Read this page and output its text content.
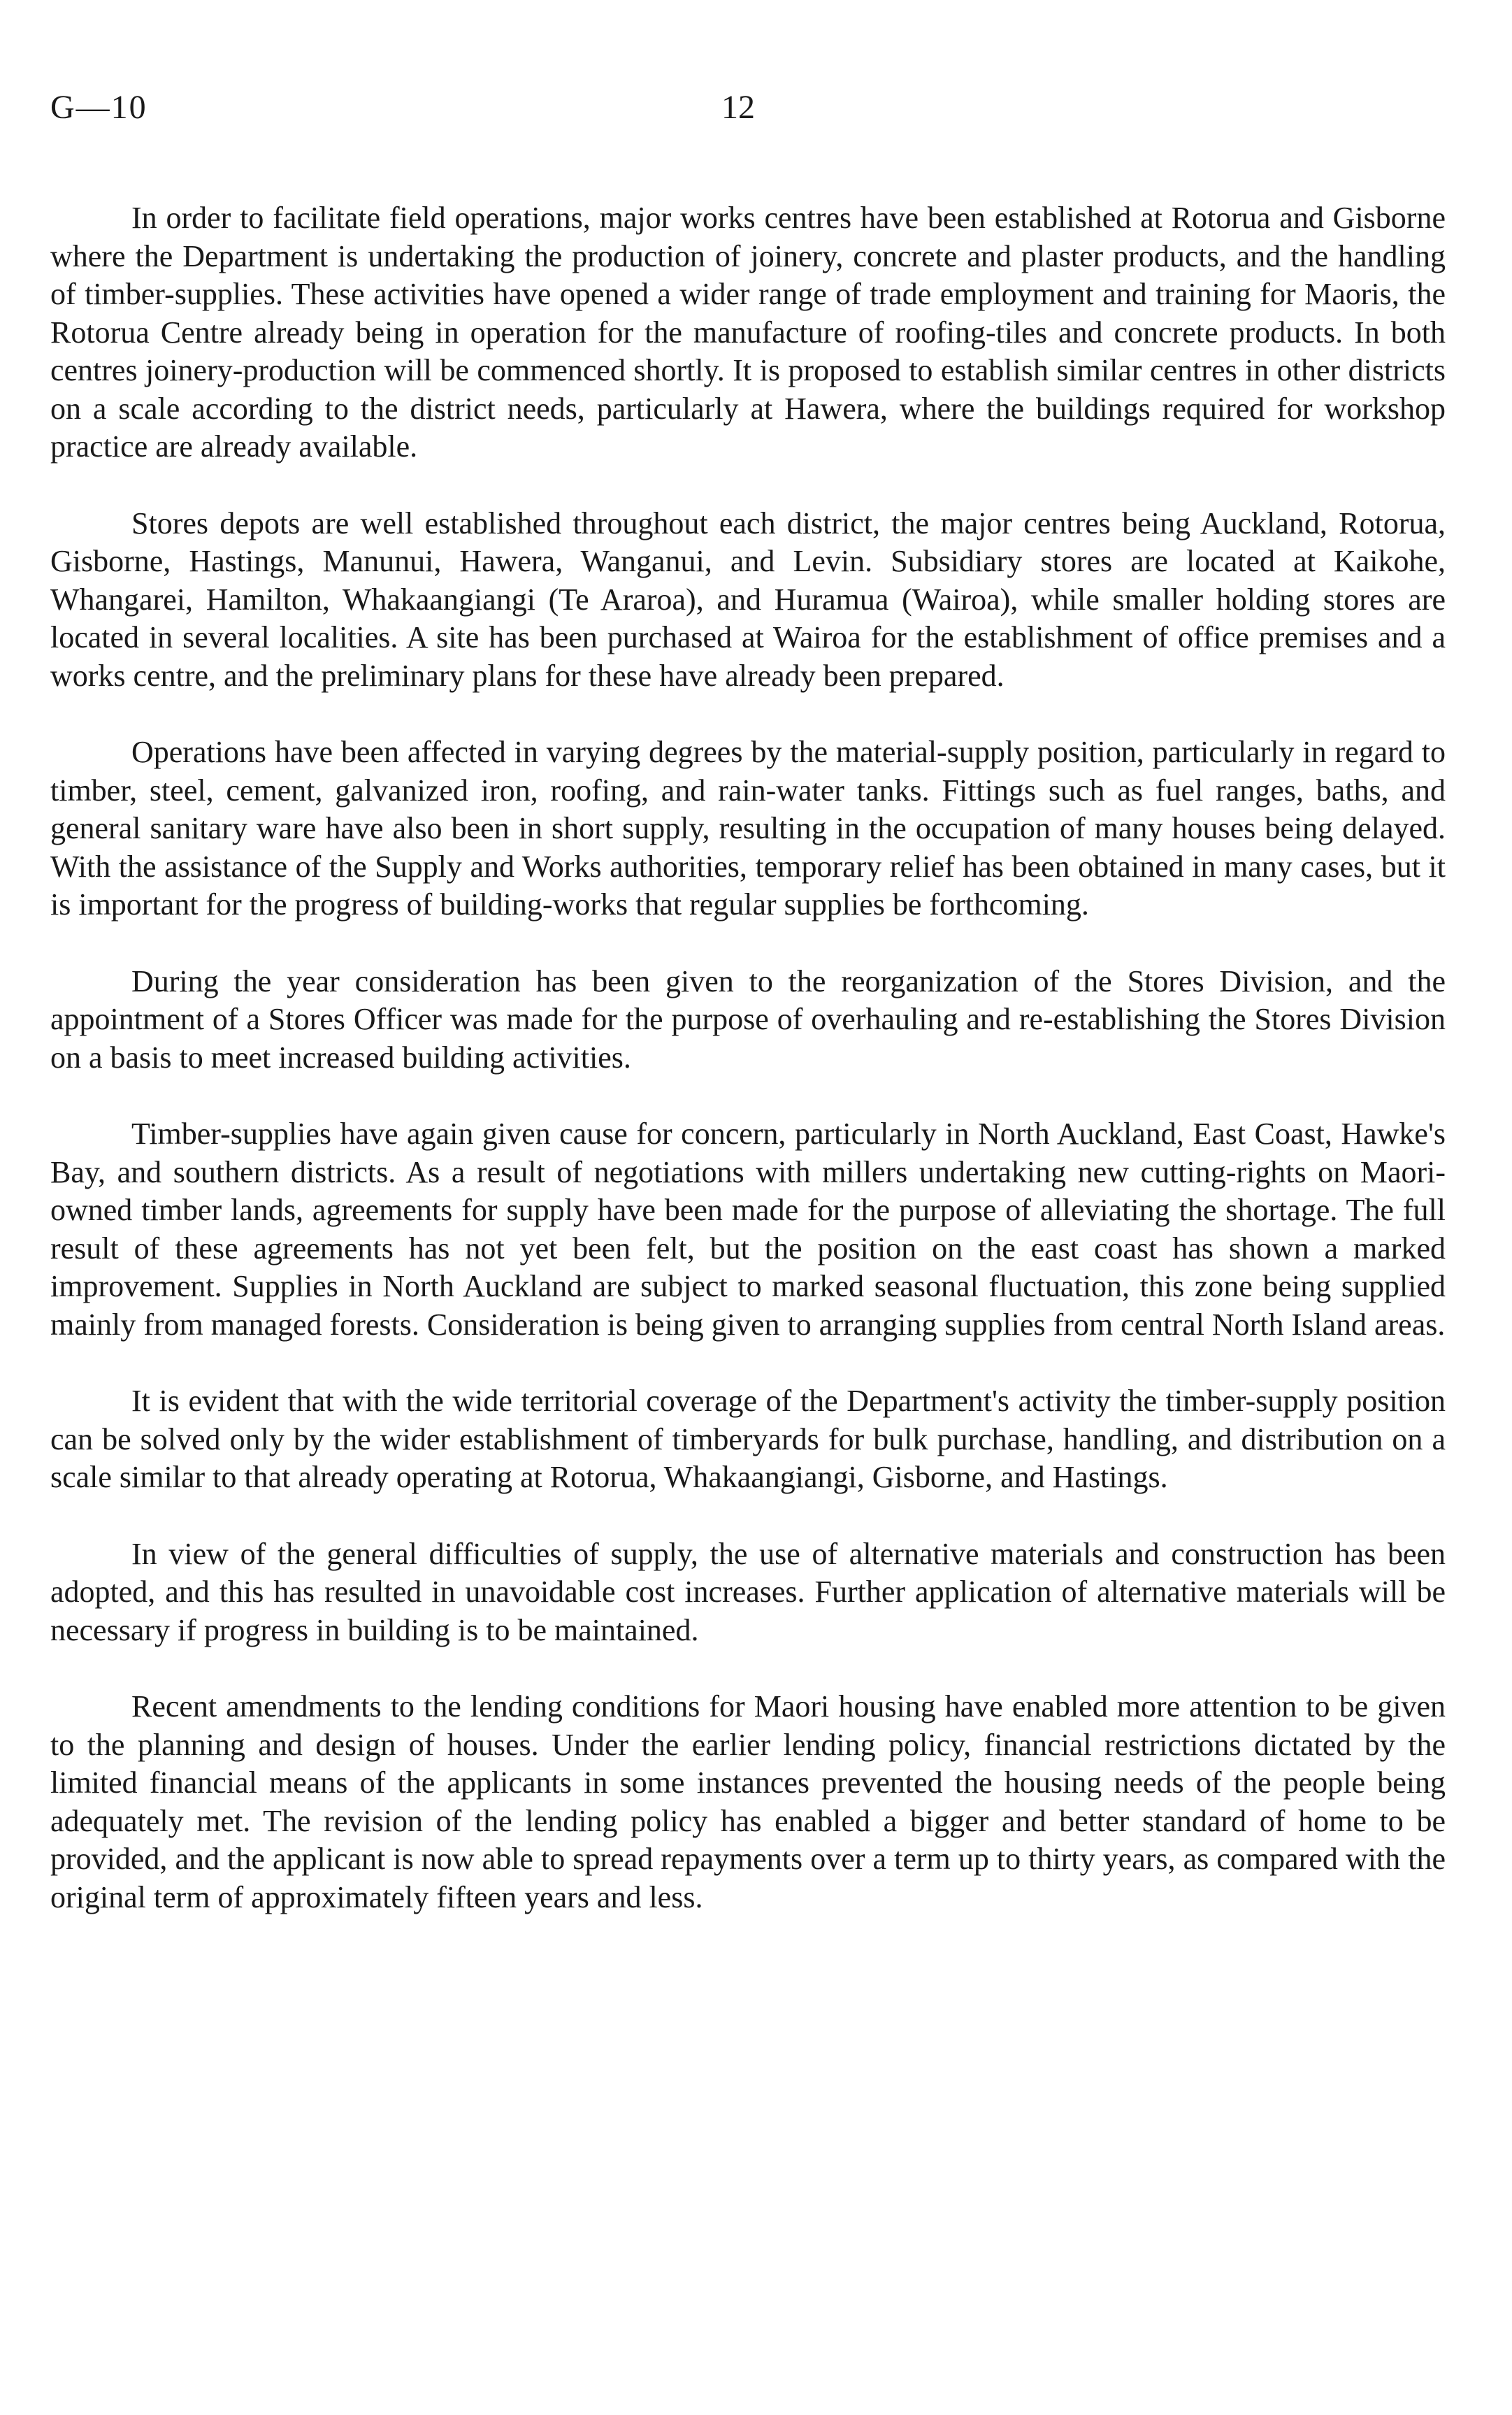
G—10	12

In order to facilitate field operations, major works centres have been established at Rotorua and Gisborne where the Department is undertaking the production of joinery, concrete and plaster products, and the handling of timber-supplies. These activities have opened a wider range of trade employment and training for Maoris, the Rotorua Centre already being in operation for the manufacture of roofing-tiles and concrete products. In both centres joinery-production will be commenced shortly. It is proposed to establish similar centres in other districts on a scale according to the district needs, particularly at Hawera, where the buildings required for workshop practice are already available.

Stores depots are well established throughout each district, the major centres being Auckland, Rotorua, Gisborne, Hastings, Manunui, Hawera, Wanganui, and Levin. Subsidiary stores are located at Kaikohe, Whangarei, Hamilton, Whakaangiangi (Te Araroa), and Huramua (Wairoa), while smaller holding stores are located in several localities. A site has been purchased at Wairoa for the establishment of office premises and a works centre, and the preliminary plans for these have already been prepared.

Operations have been affected in varying degrees by the material-supply position, particularly in regard to timber, steel, cement, galvanized iron, roofing, and rain-water tanks. Fittings such as fuel ranges, baths, and general sanitary ware have also been in short supply, resulting in the occupation of many houses being delayed. With the assistance of the Supply and Works authorities, temporary relief has been obtained in many cases, but it is important for the progress of building-works that regular supplies be forthcoming.

During the year consideration has been given to the reorganization of the Stores Division, and the appointment of a Stores Officer was made for the purpose of overhauling and re-establishing the Stores Division on a basis to meet increased building activities.

Timber-supplies have again given cause for concern, particularly in North Auckland, East Coast, Hawke's Bay, and southern districts. As a result of negotiations with millers undertaking new cutting-rights on Maori-owned timber lands, agreements for supply have been made for the purpose of alleviating the shortage. The full result of these agreements has not yet been felt, but the position on the east coast has shown a marked improvement. Supplies in North Auckland are subject to marked seasonal fluctuation, this zone being supplied mainly from managed forests. Consideration is being given to arranging supplies from central North Island areas.

It is evident that with the wide territorial coverage of the Department's activity the timber-supply position can be solved only by the wider establishment of timberyards for bulk purchase, handling, and distribution on a scale similar to that already operating at Rotorua, Whakaangiangi, Gisborne, and Hastings.

In view of the general difficulties of supply, the use of alternative materials and construction has been adopted, and this has resulted in unavoidable cost increases. Further application of alternative materials will be necessary if progress in building is to be maintained.

Recent amendments to the lending conditions for Maori housing have enabled more attention to be given to the planning and design of houses. Under the earlier lending policy, financial restrictions dictated by the limited financial means of the applicants in some instances prevented the housing needs of the people being adequately met. The revision of the lending policy has enabled a bigger and better standard of home to be provided, and the applicant is now able to spread repayments over a term up to thirty years, as compared with the original term of approximately fifteen years and less.
